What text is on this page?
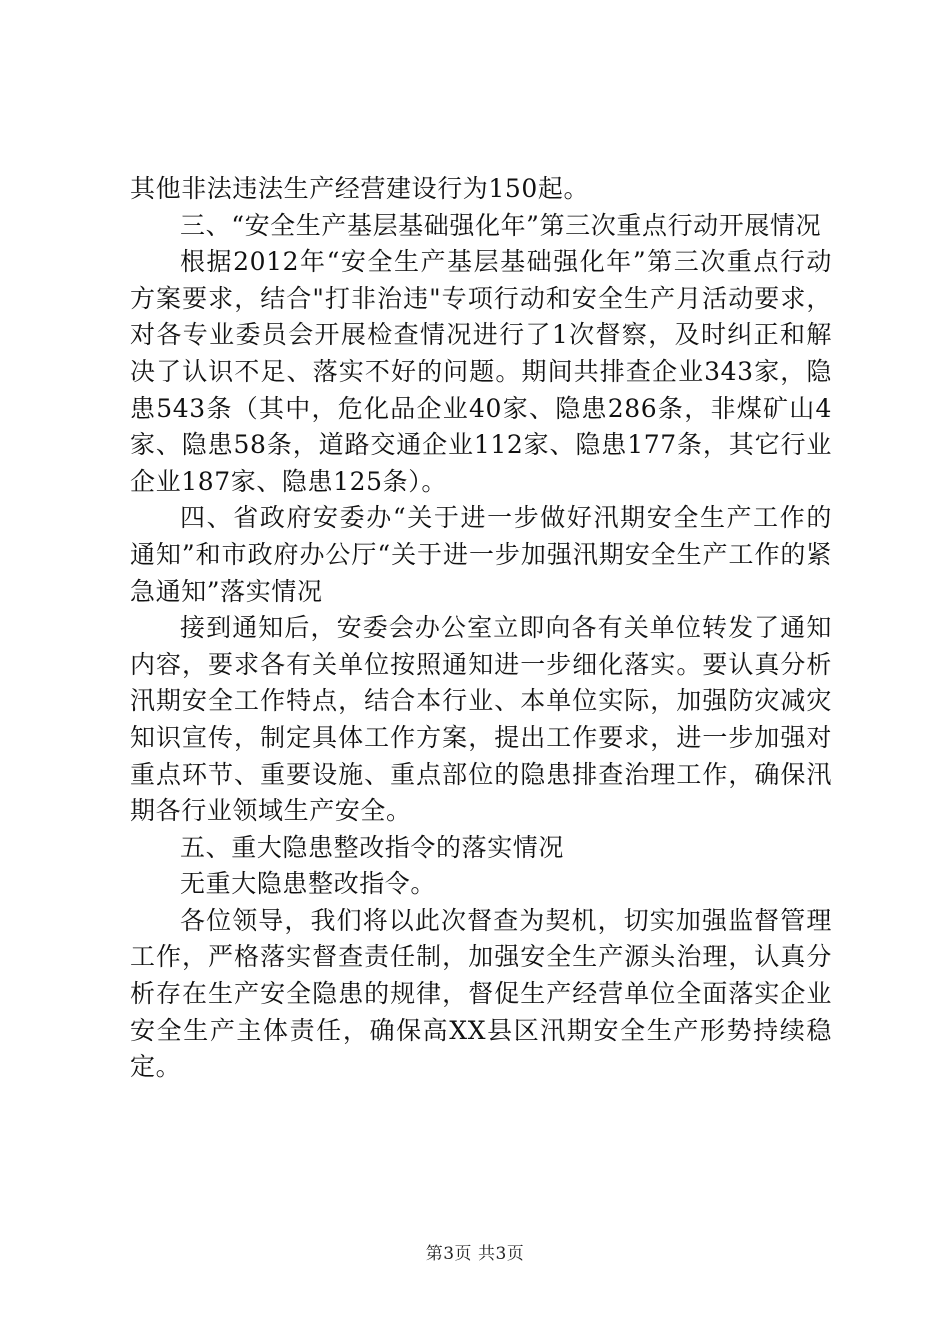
其他非法违法生产经营建设行为150起。

三、“安全生产基层基础强化年”第三次重点行动开展情况

根据2012年“安全生产基层基础强化年”第三次重点行动方案要求，结合"打非治违"专项行动和安全生产月活动要求，对各专业委员会开展检查情况进行了1次督察，及时纠正和解决了认识不足、落实不好的问题。期间共排查企业343家，隐患543条（其中，危化品企业40家、隐患286条，非煤矿山4家、隐患58条，道路交通企业112家、隐患177条，其它行业企业187家、隐患125条）。

四、省政府安委办“关于进一步做好汛期安全生产工作的通知”和市政府办公厅“关于进一步加强汛期安全生产工作的紧急通知”落实情况

接到通知后，安委会办公室立即向各有关单位转发了通知内容，要求各有关单位按照通知进一步细化落实。要认真分析汛期安全工作特点，结合本行业、本单位实际，加强防灾减灾知识宣传，制定具体工作方案，提出工作要求，进一步加强对重点环节、重要设施、重点部位的隐患排查治理工作，确保汛期各行业领域生产安全。

五、重大隐患整改指令的落实情况

无重大隐患整改指令。

各位领导，我们将以此次督查为契机，切实加强监督管理工作，严格落实督查责任制，加强安全生产源头治理，认真分析存在生产安全隐患的规律，督促生产经营单位全面落实企业安全生产主体责任，确保高XX县区汛期安全生产形势持续稳定。

第3页 共3页
